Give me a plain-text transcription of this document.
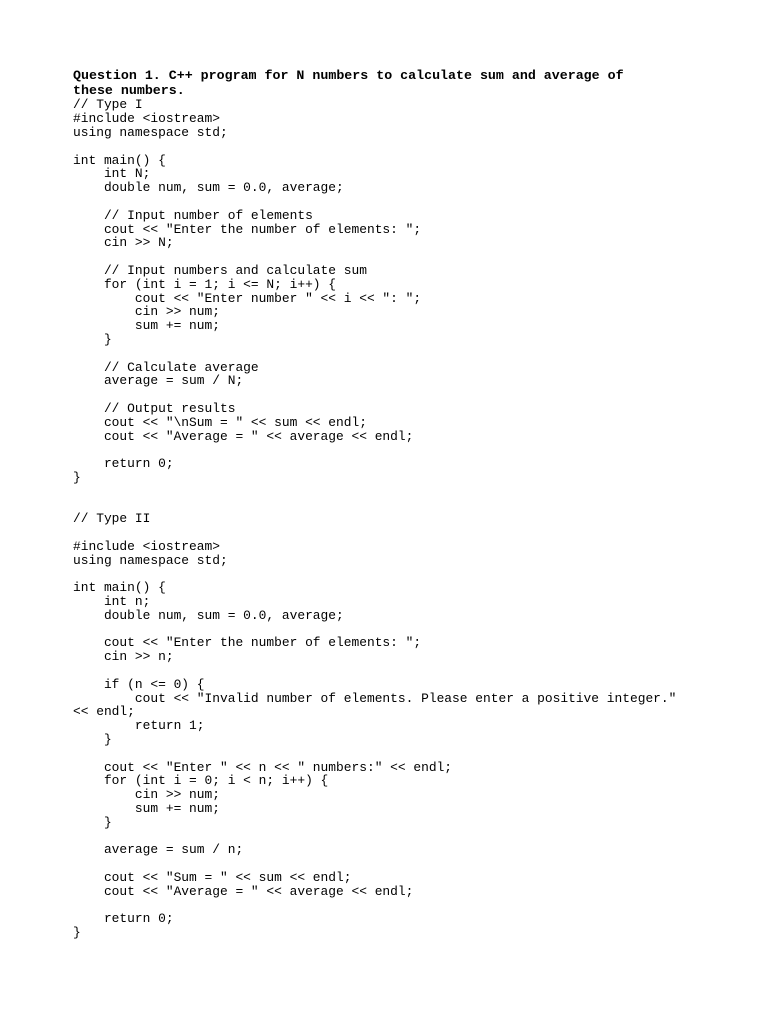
Question 1. C++ program for N numbers to calculate sum and average of
these numbers.

// Type I
#include <iostream>
using namespace std;

int main() {
int N;
double num, sum = 0.0, average;

// Input number of elements
cout << "Enter the number of elements: ";
cin >> N;

// Input numbers and calculate sum
for (int i = 1; i <= N; i++) {
cout << "Enter number " << i << ": ";
cin >> num;
sum += num;
}

// Calculate average
average = sum / N;

// Output results
cout << "\nSum = " << sum << endl;
cout << "Average = " << average << endl;

return 0;
}

// Type II

#include <iostream>
using namespace std;

int main() {
int n;
double num, sum = 0.0, average;

cout << "Enter the number of elements: ";
cin >> n;

if (n <= 0) {
cout << "Invalid number of elements. Please enter a positive integer."
<< endl;
return 1;
}

cout << "Enter " << n << " numbers:" << endl;
for (int i = 0; i < n; i++) {
cin >> num;
sum += num;
}

average = sum / n;

cout << "Sum = " << sum << endl;
cout << "Average = " << average << endl;

return 0;
}
